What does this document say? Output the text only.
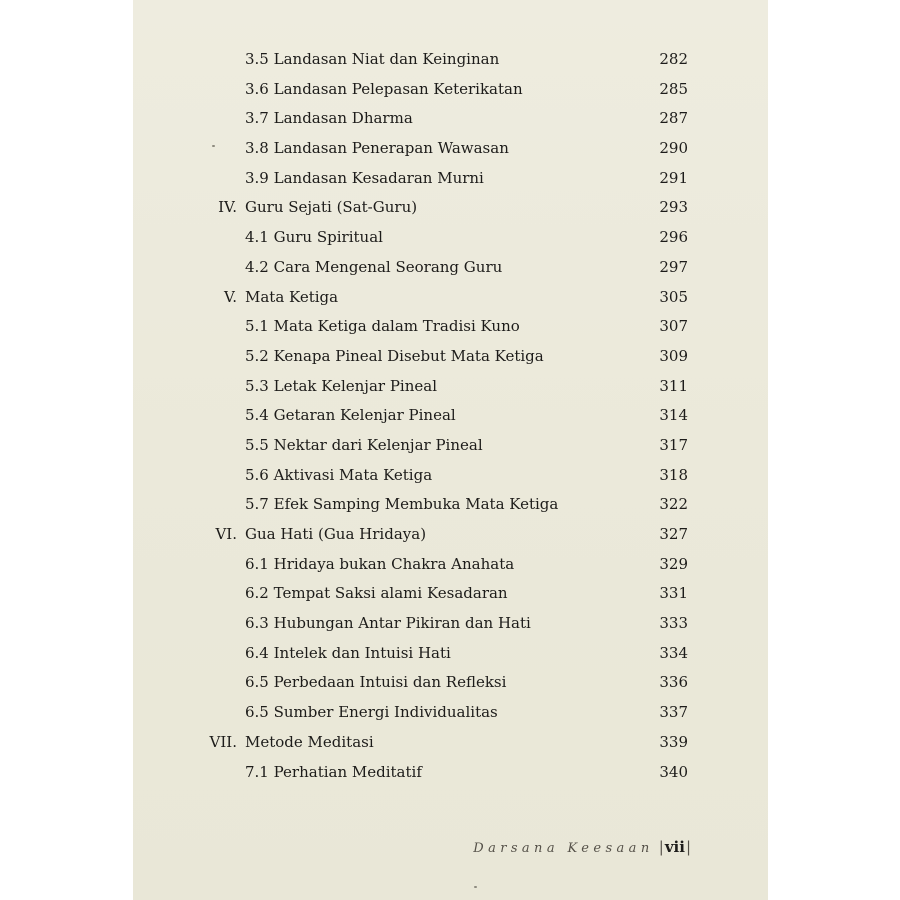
3.5 Landasan Niat dan Keinginan	282
3.6 Landasan Pelepasan Keterikatan	285
3.7 Landasan Dharma	287
3.8 Landasan Penerapan Wawasan	290
3.9 Landasan Kesadaran Murni	291
IV. Guru Sejati (Sat-Guru)	293
4.1 Guru Spiritual	296
4.2 Cara Mengenal Seorang Guru	297
V. Mata Ketiga	305
5.1 Mata Ketiga dalam Tradisi Kuno	307
5.2 Kenapa Pineal Disebut Mata Ketiga	309
5.3 Letak Kelenjar Pineal	311
5.4 Getaran Kelenjar Pineal	314
5.5 Nektar dari Kelenjar Pineal	317
5.6 Aktivasi Mata Ketiga	318
5.7 Efek Samping Membuka Mata Ketiga	322
VI. Gua Hati (Gua Hridaya)	327
6.1 Hridaya bukan Chakra Anahata	329
6.2 Tempat Saksi alami Kesadaran	331
6.3 Hubungan Antar Pikiran dan Hati	333
6.4 Intelek dan Intuisi Hati	334
6.5 Perbedaan Intuisi dan Refleksi	336
6.5 Sumber Energi Individualitas	337
VII. Metode Meditasi	339
7.1 Perhatian Meditatif	340
Darsana Keesaan |vii|
